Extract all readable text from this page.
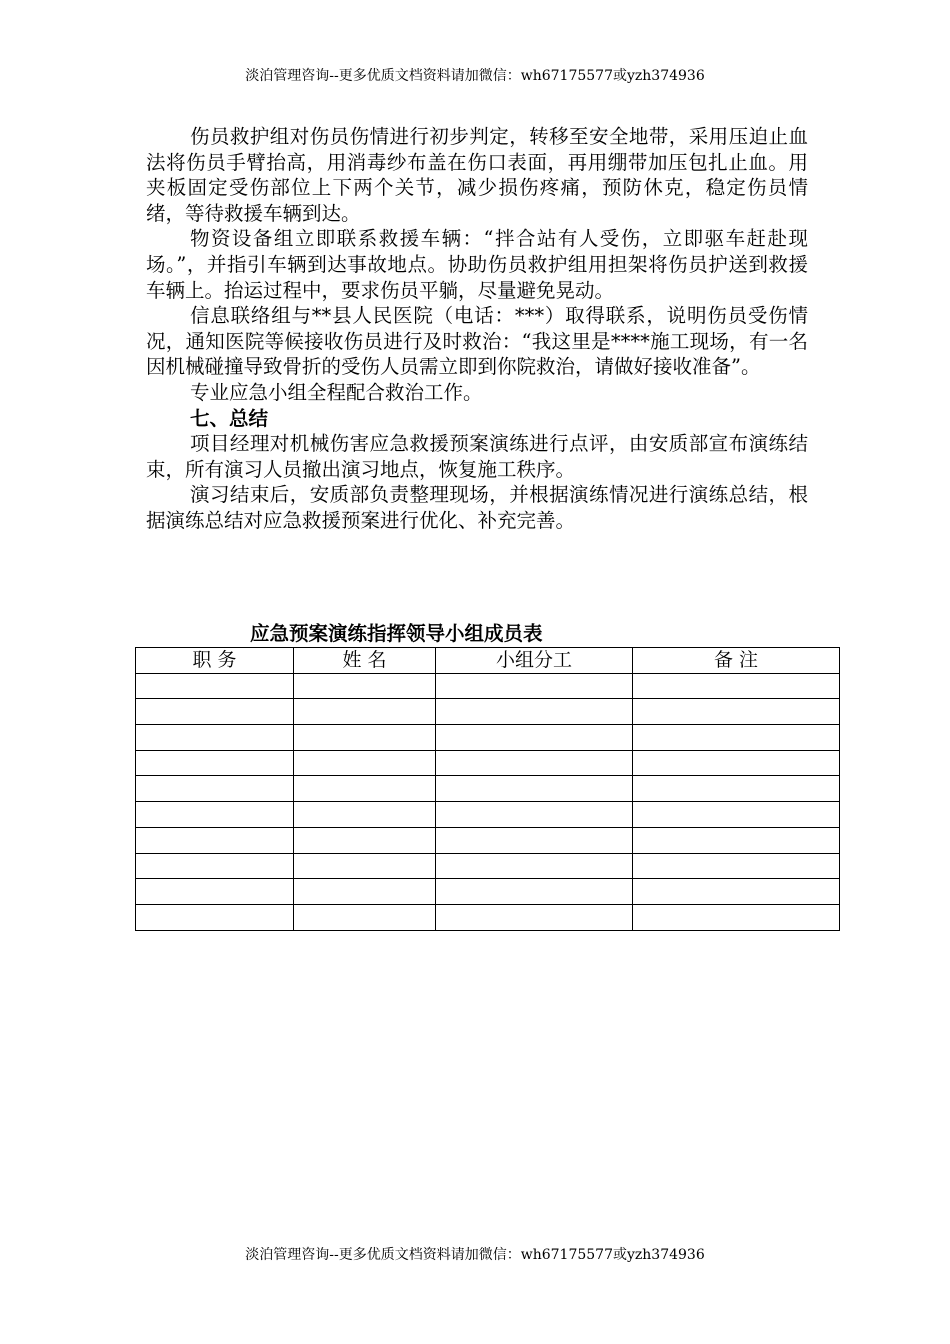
淡泊管理咨询--更多优质文档资料请加微信：wh67175577或yzh374936

伤员救护组对伤员伤情进行初步判定，转移至安全地带，采用压迫止血法将伤员手臂抬高，用消毒纱布盖在伤口表面，再用绷带加压包扎止血。用夹板固定受伤部位上下两个关节，减少损伤疼痛，预防休克，稳定伤员情绪，等待救援车辆到达。

物资设备组立即联系救援车辆：“拌合站有人受伤，立即驱车赶赴现场。”，并指引车辆到达事故地点。协助伤员救护组用担架将伤员护送到救援车辆上。抬运过程中，要求伤员平躺，尽量避免晃动。

信息联络组与**县人民医院（电话：***）取得联系，说明伤员受伤情况，通知医院等候接收伤员进行及时救治：“我这里是****施工现场，有一名因机械碰撞导致骨折的受伤人员需立即到你院救治，请做好接收准备”。

专业应急小组全程配合救治工作。

七、总结

项目经理对机械伤害应急救援预案演练进行点评，由安质部宣布演练结束，所有演习人员撤出演习地点，恢复施工秩序。

演习结束后，安质部负责整理现场，并根据演练情况进行演练总结，根据演练总结对应急救援预案进行优化、补充完善。

应急预案演练指挥领导小组成员表
职 务	姓 名	小组分工	备 注

淡泊管理咨询--更多优质文档资料请加微信：wh67175577或yzh374936
